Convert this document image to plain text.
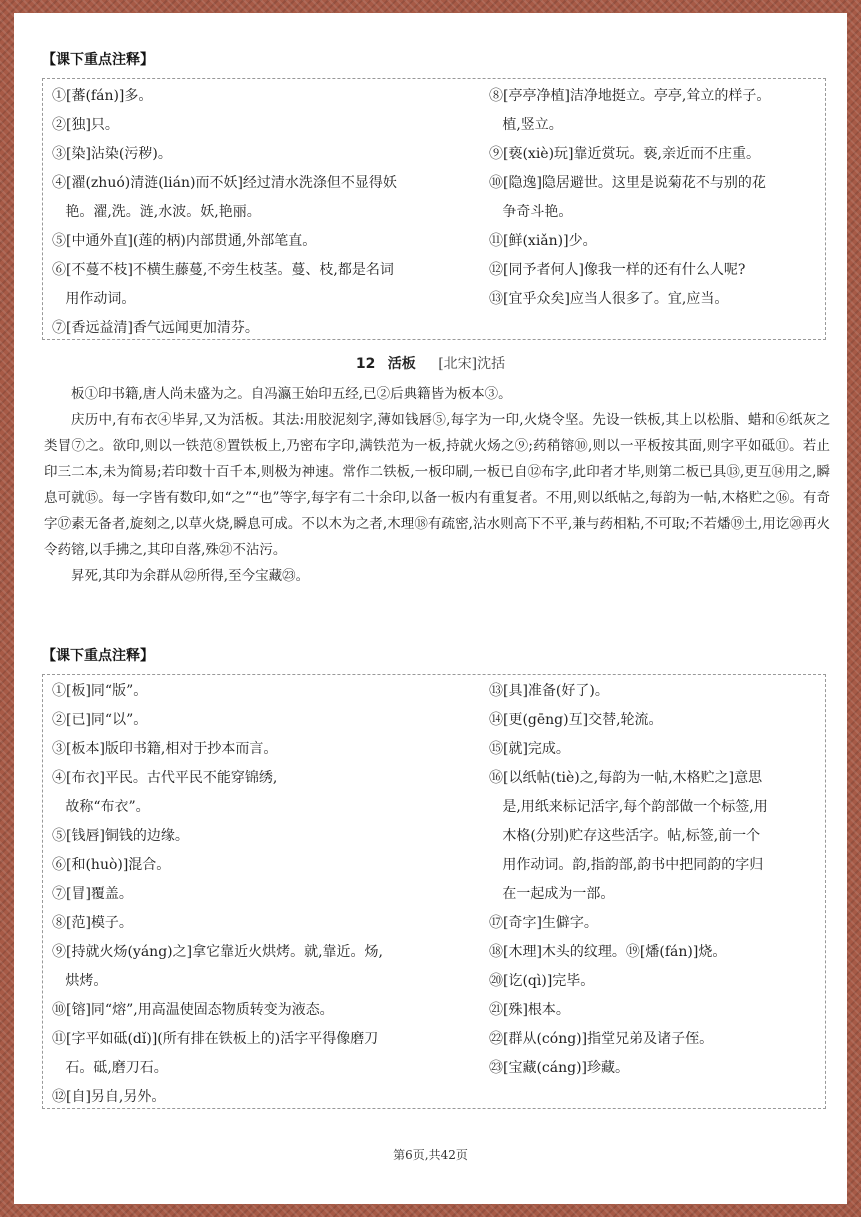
【课下重点注释】
①[蕃(fán)]多。
②[独]只。
③[染]沾染(污秽)。
④[濯(zhuó)清涟(lián)而不妖]经过清水洗涤但不显得妖
艳。濯,洗。涟,水波。妖,艳丽。
⑤[中通外直](莲的柄)内部贯通,外部笔直。
⑥[不蔓不枝]不横生藤蔓,不旁生枝茎。蔓、枝,都是名词
用作动词。
⑦[香远益清]香气远闻更加清芬。
⑧[亭亭净植]洁净地挺立。亭亭,耸立的样子。
植,竖立。
⑨[亵(xiè)玩]靠近赏玩。亵,亲近而不庄重。
⑩[隐逸]隐居避世。这里是说菊花不与别的花
争奇斗艳。
⑪[鲜(xiǎn)]少。
⑫[同予者何人]像我一样的还有什么人呢?
⑬[宜乎众矣]应当人很多了。宜,应当。
12 活板 [北宋]沈括

板①印书籍,唐人尚未盛为之。自冯瀛王始印五经,已②后典籍皆为板本③。

庆历中,有布衣④毕昇,又为活板。其法:用胶泥刻字,薄如钱唇⑤,每字为一印,火烧令坚。先设一铁板,其上以松脂、蜡和⑥纸灰之类冒⑦之。欲印,则以一铁范⑧置铁板上,乃密布字印,满铁范为一板,持就火炀之⑨;药稍镕⑩,则以一平板按其面,则字平如砥⑪。若止印三二本,未为简易;若印数十百千本,则极为神速。常作二铁板,一板印刷,一板已自⑫布字,此印者才毕,则第二板已具⑬,更互⑭用之,瞬息可就⑮。每一字皆有数印,如“之”“也”等字,每字有二十余印,以备一板内有重复者。不用,则以纸帖之,每韵为一帖,木格贮之⑯。有奇字⑰素无备者,旋刻之,以草火烧,瞬息可成。不以木为之者,木理⑱有疏密,沾水则高下不平,兼与药相粘,不可取;不若燔⑲土,用讫⑳再火令药镕,以手拂之,其印自落,殊㉑不沾污。

昇死,其印为余群从㉒所得,至今宝藏㉓。

【课下重点注释】
①[板]同“版”。
②[已]同“以”。
③[板本]版印书籍,相对于抄本而言。
④[布衣]平民。古代平民不能穿锦绣,
故称“布衣”。
⑤[钱唇]铜钱的边缘。
⑥[和(huò)]混合。
⑦[冒]覆盖。
⑧[范]模子。
⑨[持就火炀(yáng)之]拿它靠近火烘烤。就,靠近。炀,
烘烤。
⑩[镕]同“熔”,用高温使固态物质转变为液态。
⑪[字平如砥(dǐ)](所有排在铁板上的)活字平得像磨刀
石。砥,磨刀石。
⑫[自]另自,另外。
⑬[具]准备(好了)。
⑭[更(gēng)互]交替,轮流。
⑮[就]完成。
⑯[以纸帖(tiè)之,每韵为一帖,木格贮之]意思
是,用纸来标记活字,每个韵部做一个标签,用
木格(分别)贮存这些活字。帖,标签,前一个
用作动词。韵,指韵部,韵书中把同韵的字归
在一起成为一部。
⑰[奇字]生僻字。
⑱[木理]木头的纹理。⑲[燔(fán)]烧。
⑳[讫(qì)]完毕。
㉑[殊]根本。
㉒[群从(cóng)]指堂兄弟及诸子侄。
㉓[宝藏(cáng)]珍藏。
第6页,共42页
